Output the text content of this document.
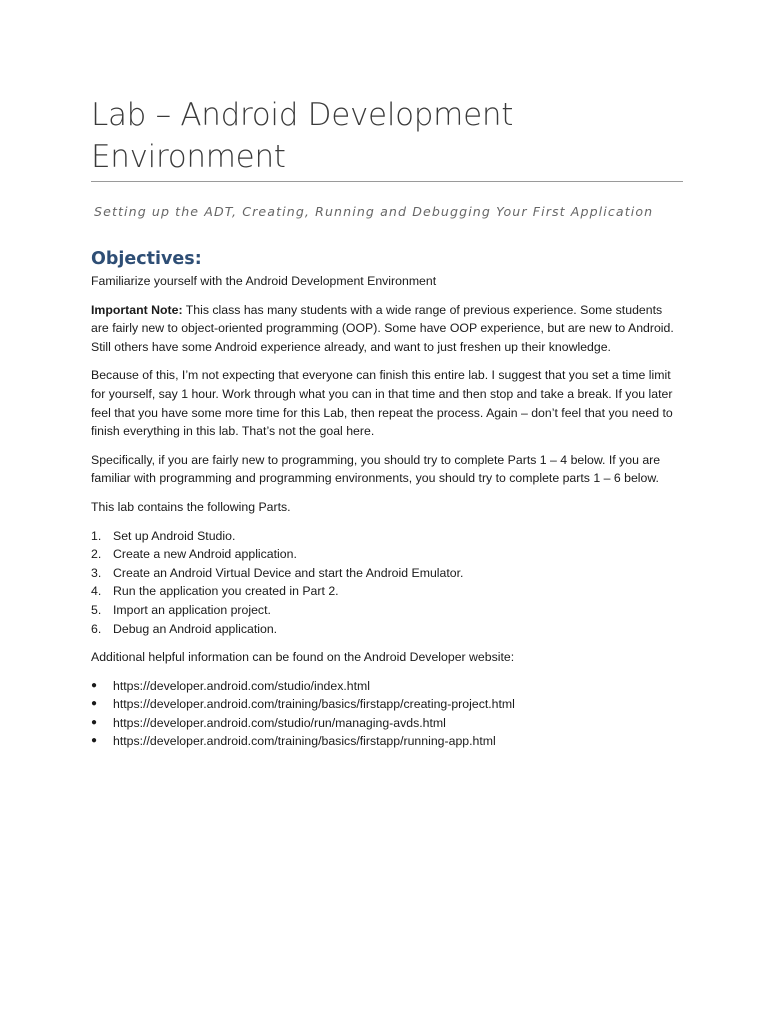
Lab – Android Development Environment
Setting up the ADT, Creating, Running and Debugging Your First Application
Objectives:

Familiarize yourself with the Android Development Environment

Important Note: This class has many students with a wide range of previous experience. Some students are fairly new to object-oriented programming (OOP). Some have OOP experience, but are new to Android. Still others have some Android experience already, and want to just freshen up their knowledge.

Because of this, I’m not expecting that everyone can finish this entire lab. I suggest that you set a time limit for yourself, say 1 hour. Work through what you can in that time and then stop and take a break. If you later feel that you have some more time for this Lab, then repeat the process. Again – don’t feel that you need to finish everything in this lab. That’s not the goal here.

Specifically, if you are fairly new to programming, you should try to complete Parts 1 – 4 below. If you are familiar with programming and programming environments, you should try to complete parts 1 – 6 below.

This lab contains the following Parts.

1. Set up Android Studio.
2. Create a new Android application.
3. Create an Android Virtual Device and start the Android Emulator.
4. Run the application you created in Part 2.
5. Import an application project.
6. Debug an Android application.

Additional helpful information can be found on the Android Developer website:

●	https://developer.android.com/studio/index.html
●	https://developer.android.com/training/basics/firstapp/creating-project.html
●	https://developer.android.com/studio/run/managing-avds.html
●	https://developer.android.com/training/basics/firstapp/running-app.html
